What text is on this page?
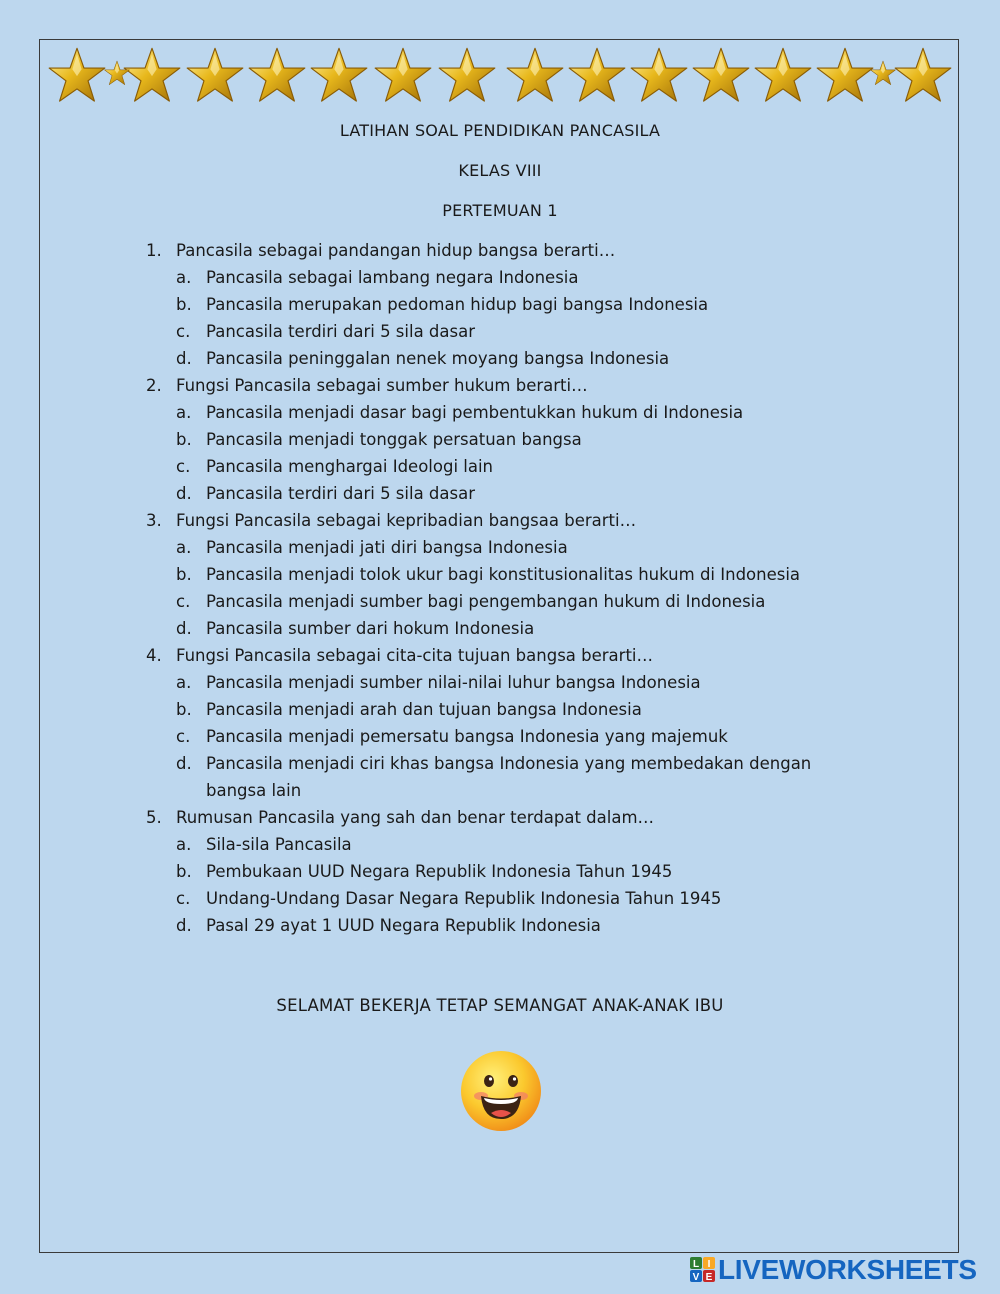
LATIHAN SOAL PENDIDIKAN PANCASILA
KELAS VIII
PERTEMUAN 1
1. Pancasila sebagai pandangan hidup bangsa berarti…
a. Pancasila sebagai lambang negara Indonesia
b. Pancasila merupakan pedoman hidup bagi bangsa Indonesia
c. Pancasila terdiri dari 5 sila dasar
d. Pancasila peninggalan nenek moyang bangsa Indonesia
2. Fungsi Pancasila sebagai sumber hukum berarti…
a. Pancasila menjadi dasar bagi pembentukkan hukum di Indonesia
b. Pancasila menjadi tonggak persatuan bangsa
c. Pancasila menghargai Ideologi lain
d. Pancasila terdiri dari 5 sila dasar
3. Fungsi Pancasila sebagai kepribadian bangsaa berarti…
a. Pancasila menjadi jati diri bangsa Indonesia
b. Pancasila menjadi tolok ukur bagi konstitusionalitas hukum di Indonesia
c. Pancasila menjadi sumber bagi pengembangan hukum di Indonesia
d. Pancasila sumber dari hokum Indonesia
4. Fungsi Pancasila sebagai cita-cita tujuan bangsa berarti…
a. Pancasila menjadi sumber nilai-nilai luhur bangsa Indonesia
b. Pancasila menjadi arah dan tujuan bangsa Indonesia
c. Pancasila menjadi pemersatu bangsa Indonesia yang majemuk
d. Pancasila menjadi ciri khas bangsa Indonesia yang membedakan dengan bangsa lain
5. Rumusan Pancasila yang sah dan benar terdapat dalam…
a. Sila-sila Pancasila
b. Pembukaan UUD Negara Republik Indonesia Tahun 1945
c. Undang-Undang Dasar Negara Republik Indonesia Tahun 1945
d. Pasal 29 ayat 1 UUD Negara Republik Indonesia
SELAMAT BEKERJA TETAP SEMANGAT ANAK-ANAK IBU
L I
V E LIVEWORKSHEETS
